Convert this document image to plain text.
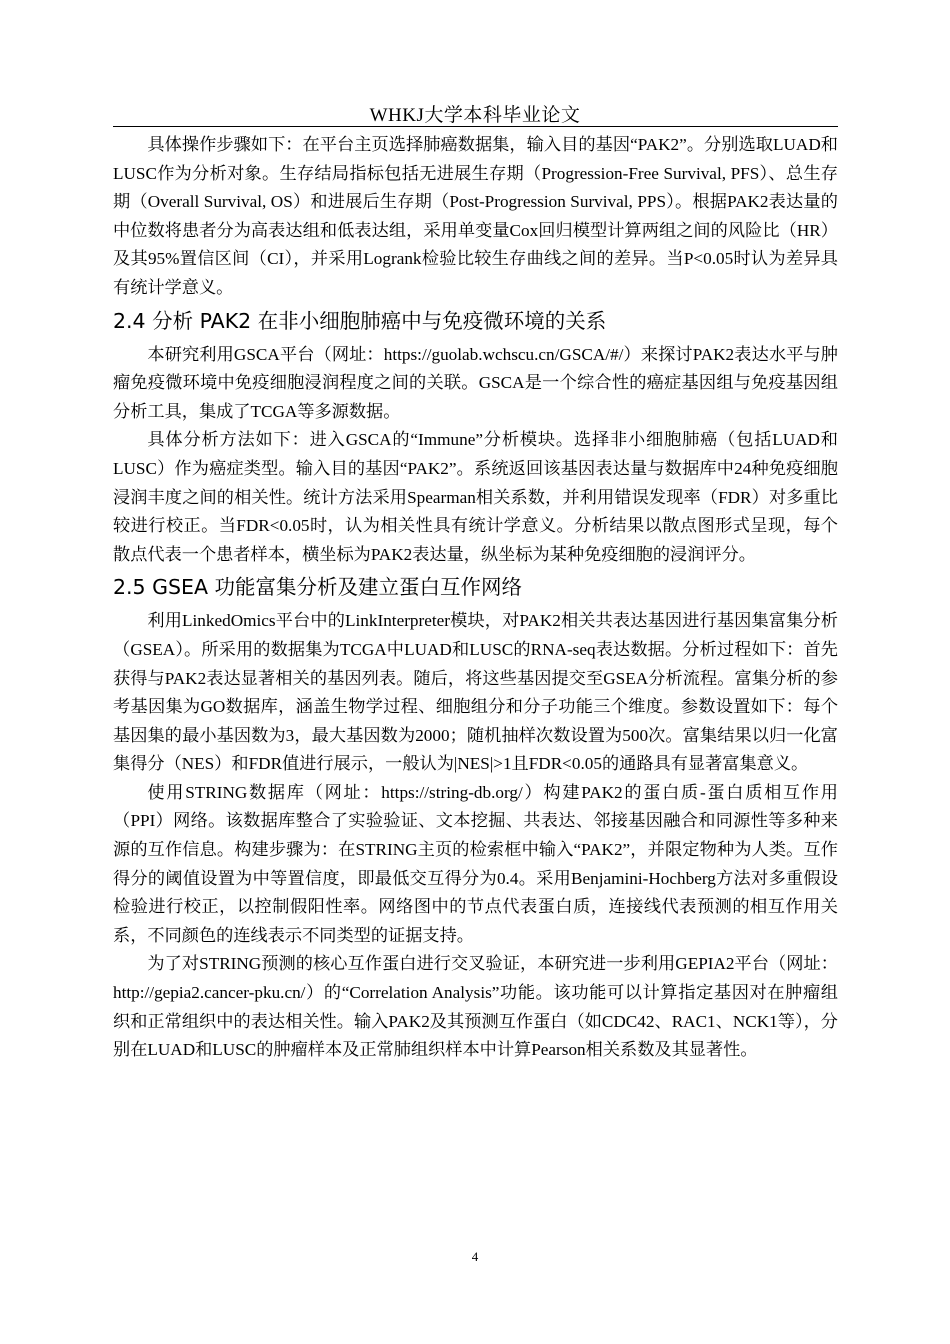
WHKJ大学本科毕业论文

具体操作步骤如下：在平台主页选择肺癌数据集，输入目的基因“PAK2”。分别选取LUAD和LUSC作为分析对象。生存结局指标包括无进展生存期（Progression-Free Survival, PFS）、总生存期（Overall Survival, OS）和进展后生存期（Post-Progression Survival, PPS）。根据PAK2表达量的中位数将患者分为高表达组和低表达组，采用单变量Cox回归模型计算两组之间的风险比（HR）及其95%置信区间（CI），并采用Logrank检验比较生存曲线之间的差异。当P<0.05时认为差异具有统计学意义。

2.4 分析 PAK2 在非小细胞肺癌中与免疫微环境的关系

本研究利用GSCA平台（网址：https://guolab.wchscu.cn/GSCA/#/）来探讨PAK2表达水平与肿瘤免疫微环境中免疫细胞浸润程度之间的关联。GSCA是一个综合性的癌症基因组与免疫基因组分析工具，集成了TCGA等多源数据。

具体分析方法如下：进入GSCA的“Immune”分析模块。选择非小细胞肺癌（包括LUAD和LUSC）作为癌症类型。输入目的基因“PAK2”。系统返回该基因表达量与数据库中24种免疫细胞浸润丰度之间的相关性。统计方法采用Spearman相关系数，并利用错误发现率（FDR）对多重比较进行校正。当FDR<0.05时，认为相关性具有统计学意义。分析结果以散点图形式呈现，每个散点代表一个患者样本，横坐标为PAK2表达量，纵坐标为某种免疫细胞的浸润评分。

2.5 GSEA 功能富集分析及建立蛋白互作网络

利用LinkedOmics平台中的LinkInterpreter模块，对PAK2相关共表达基因进行基因集富集分析（GSEA）。所采用的数据集为TCGA中LUAD和LUSC的RNA-seq表达数据。分析过程如下：首先获得与PAK2表达显著相关的基因列表。随后，将这些基因提交至GSEA分析流程。富集分析的参考基因集为GO数据库，涵盖生物学过程、细胞组分和分子功能三个维度。参数设置如下：每个基因集的最小基因数为3，最大基因数为2000；随机抽样次数设置为500次。富集结果以归一化富集得分（NES）和FDR值进行展示，一般认为|NES|>1且FDR<0.05的通路具有显著富集意义。

使用STRING数据库（网址：https://string-db.org/）构建PAK2的蛋白质-蛋白质相互作用（PPI）网络。该数据库整合了实验验证、文本挖掘、共表达、邻接基因融合和同源性等多种来源的互作信息。构建步骤为：在STRING主页的检索框中输入“PAK2”，并限定物种为人类。互作得分的阈值设置为中等置信度，即最低交互得分为0.4。采用Benjamini-Hochberg方法对多重假设检验进行校正，以控制假阳性率。网络图中的节点代表蛋白质，连接线代表预测的相互作用关系，不同颜色的连线表示不同类型的证据支持。

为了对STRING预测的核心互作蛋白进行交叉验证，本研究进一步利用GEPIA2平台（网址：http://gepia2.cancer-pku.cn/）的“Correlation Analysis”功能。该功能可以计算指定基因对在肿瘤组织和正常组织中的表达相关性。输入PAK2及其预测互作蛋白（如CDC42、RAC1、NCK1等），分别在LUAD和LUSC的肿瘤样本及正常肺组织样本中计算Pearson相关系数及其显著性。

4
